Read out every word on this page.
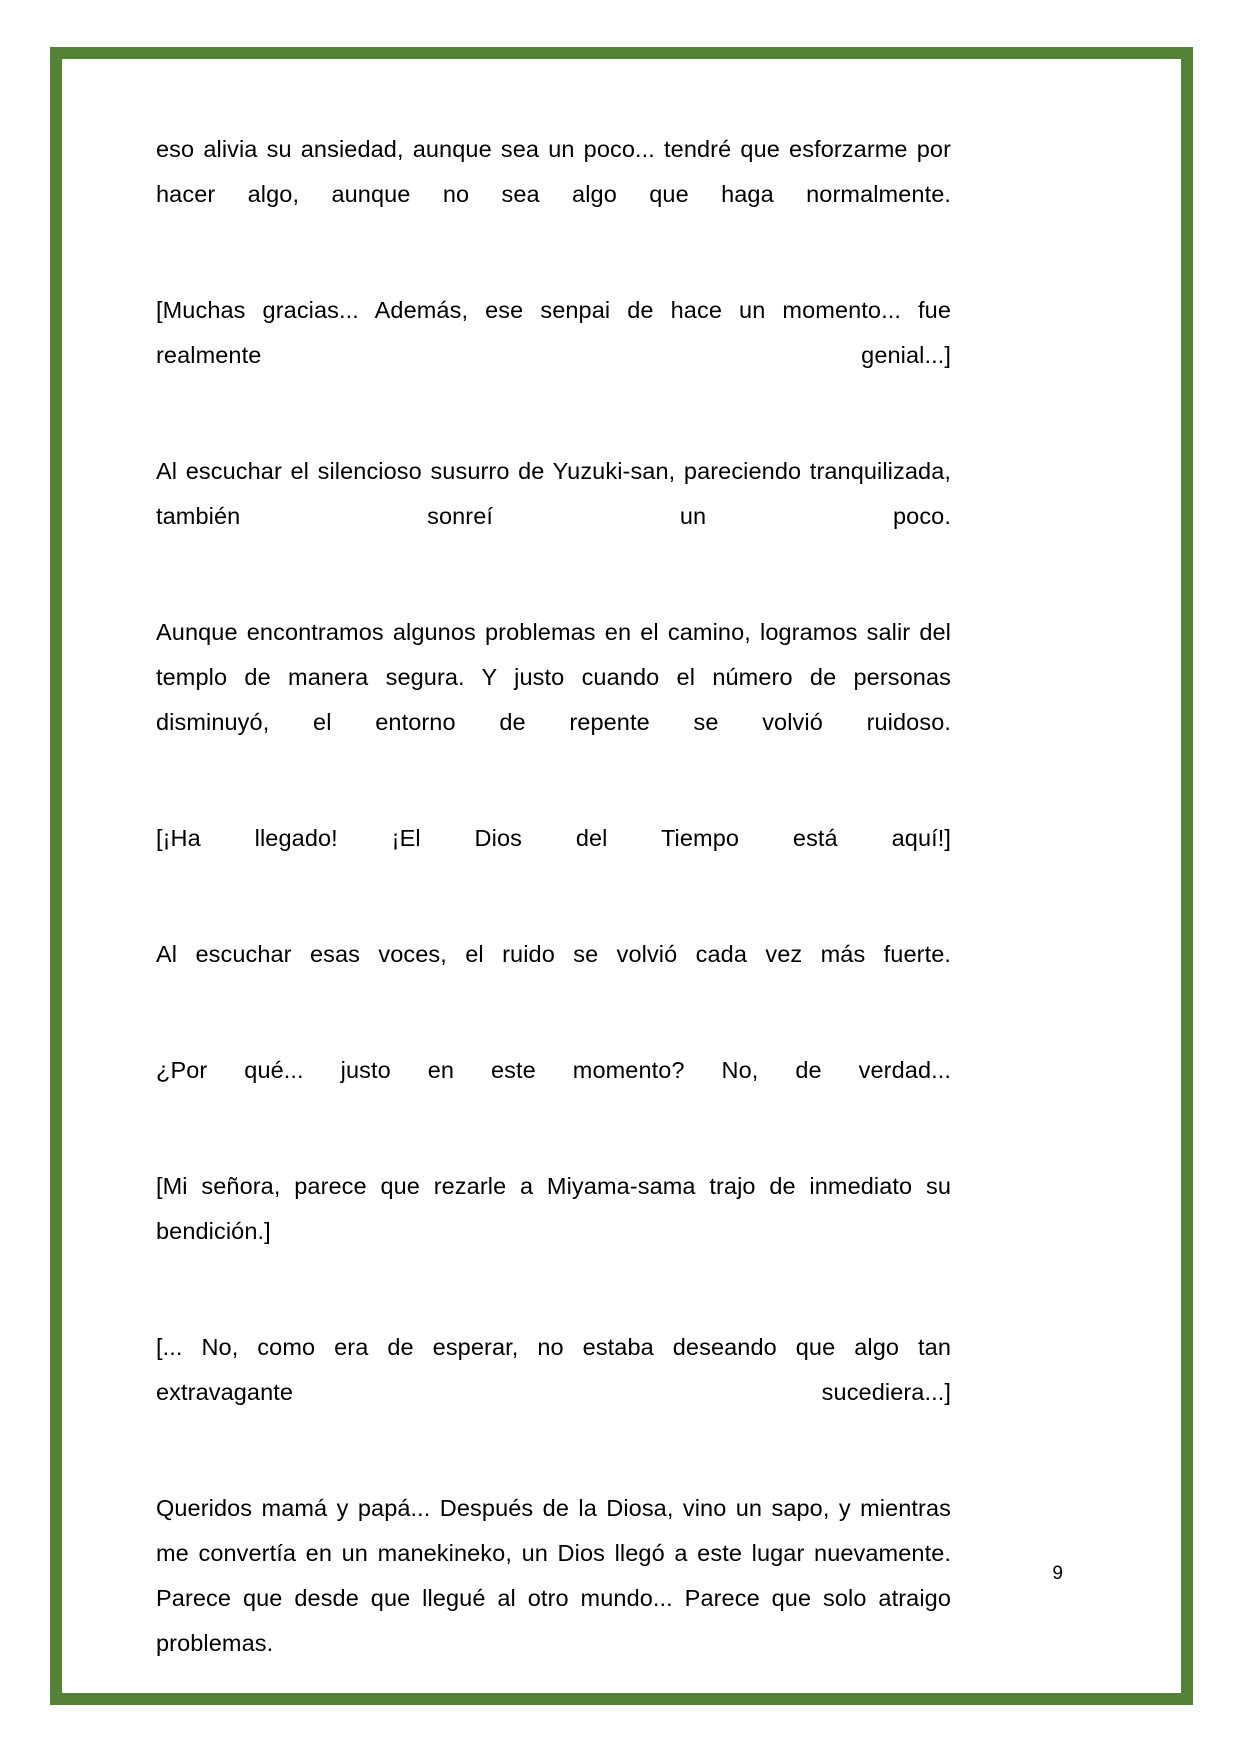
eso alivia su ansiedad, aunque sea un poco... tendré que esforzarme por hacer algo, aunque no sea algo que haga normalmente.

[Muchas gracias... Además, ese senpai de hace un momento... fue realmente genial...]

Al escuchar el silencioso susurro de Yuzuki-san, pareciendo tranquilizada, también sonreí un poco.

Aunque encontramos algunos problemas en el camino, logramos salir del templo de manera segura. Y justo cuando el número de personas disminuyó, el entorno de repente se volvió ruidoso.

[¡Ha llegado! ¡El Dios del Tiempo está aquí!]

Al escuchar esas voces, el ruido se volvió cada vez más fuerte.

¿Por qué... justo en este momento? No, de verdad...

[Mi señora, parece que rezarle a Miyama-sama trajo de inmediato su bendición.]

[... No, como era de esperar, no estaba deseando que algo tan extravagante sucediera...]

Queridos mamá y papá... Después de la Diosa, vino un sapo, y mientras me convertía en un manekineko, un Dios llegó a este lugar nuevamente. Parece que desde que llegué al otro mundo... Parece que solo atraigo problemas.

9
